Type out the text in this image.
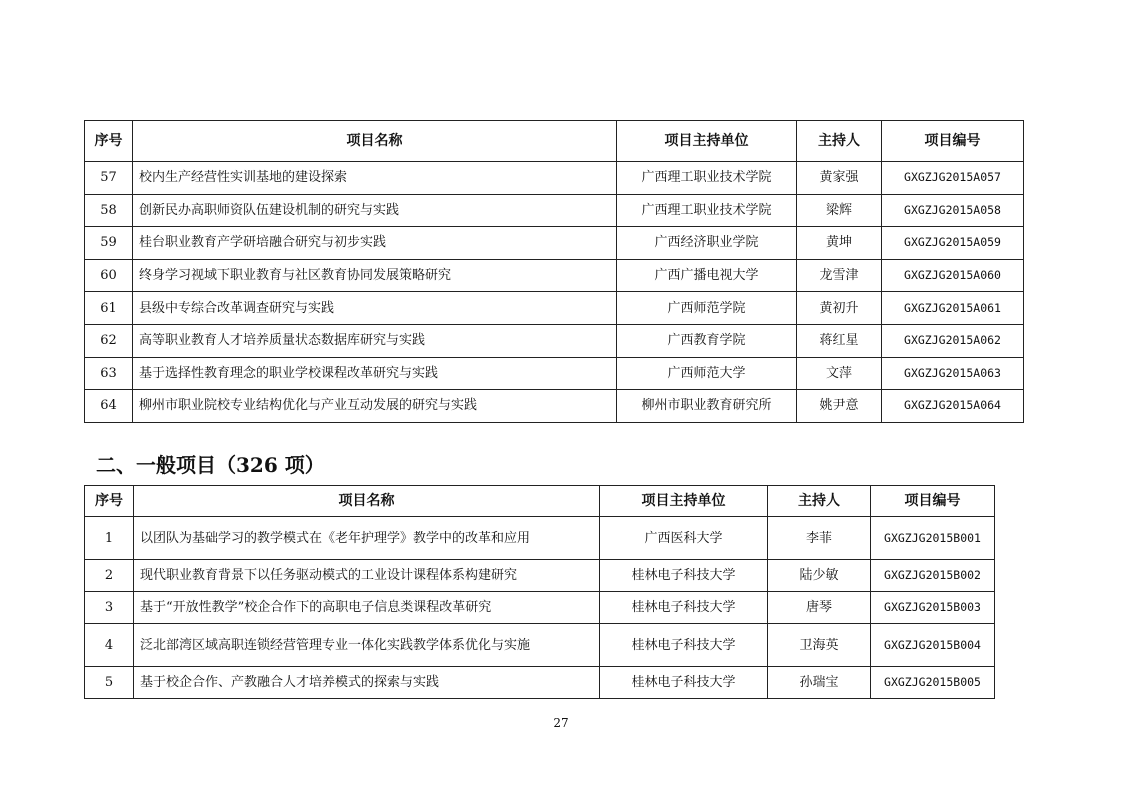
序号	项目名称	项目主持单位	主持人	项目编号
57	校内生产经营性实训基地的建设探索	广西理工职业技术学院	黄家强	GXGZJG2015A057
58	创新民办高职师资队伍建设机制的研究与实践	广西理工职业技术学院	梁辉	GXGZJG2015A058
59	桂台职业教育产学研培融合研究与初步实践	广西经济职业学院	黄坤	GXGZJG2015A059
60	终身学习视域下职业教育与社区教育协同发展策略研究	广西广播电视大学	龙雪津	GXGZJG2015A060
61	县级中专综合改革调查研究与实践	广西师范学院	黄初升	GXGZJG2015A061
62	高等职业教育人才培养质量状态数据库研究与实践	广西教育学院	蒋红星	GXGZJG2015A062
63	基于选择性教育理念的职业学校课程改革研究与实践	广西师范大学	文萍	GXGZJG2015A063
64	柳州市职业院校专业结构优化与产业互动发展的研究与实践	柳州市职业教育研究所	姚尹意	GXGZJG2015A064
二、一般项目（326 项）
序号	项目名称	项目主持单位	主持人	项目编号
1	以团队为基础学习的教学模式在《老年护理学》教学中的改革和应用	广西医科大学	李菲	GXGZJG2015B001
2	现代职业教育背景下以任务驱动模式的工业设计课程体系构建研究	桂林电子科技大学	陆少敏	GXGZJG2015B002
3	基于“开放性教学”校企合作下的高职电子信息类课程改革研究	桂林电子科技大学	唐琴	GXGZJG2015B003
4	泛北部湾区域高职连锁经营管理专业一体化实践教学体系优化与实施	桂林电子科技大学	卫海英	GXGZJG2015B004
5	基于校企合作、产教融合人才培养模式的探索与实践	桂林电子科技大学	孙瑞宝	GXGZJG2015B005
27
